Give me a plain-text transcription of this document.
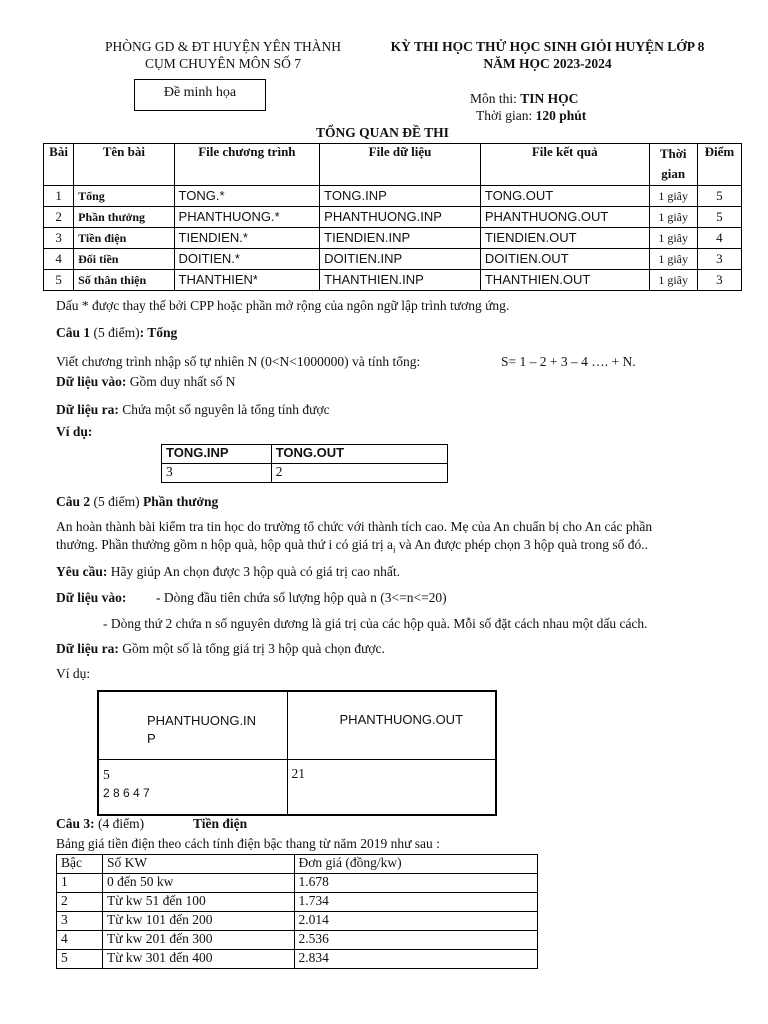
PHÒNG GD & ĐT HUYỆN YÊN THÀNH
CỤM CHUYÊN MÔN SỐ 7
KỲ THI HỌC THỬ HỌC SINH GIỎI HUYỆN LỚP 8
NĂM HỌC 2023-2024
Đề minh họa	Môn thi: TIN HỌC
Thời gian: 120 phút
TỔNG QUAN ĐỀ THI
Bài	Tên bài	File chương trình	File dữ liệu	File kết quả	Thời gian	Điểm
1	Tổng	TONG.*	TONG.INP	TONG.OUT	1 giây	5
2	Phần thưởng	PHANTHUONG.*	PHANTHUONG.INP	PHANTHUONG.OUT	1 giây	5
3	Tiền điện	TIENDIEN.*	TIENDIEN.INP	TIENDIEN.OUT	1 giây	4
4	Đổi tiền	DOITIEN.*	DOITIEN.INP	DOITIEN.OUT	1 giây	3
5	Số thân thiện	THANTHIEN*	THANTHIEN.INP	THANTHIEN.OUT	1 giây	3
Dấu * được thay thế bởi CPP hoặc phần mở rộng của ngôn ngữ lập trình tương ứng.
Câu 1 (5 điểm): Tổng
Viết chương trình nhập số tự nhiên N (0<N<1000000) và tính tổng:	S= 1 – 2 + 3 – 4 …. + N.
Dữ liệu vào: Gồm duy nhất số N
Dữ liệu ra: Chứa một số nguyên là tổng tính được
Ví dụ:
TONG.INP	TONG.OUT
3	2
Câu 2 (5 điểm) Phần thưởng
An hoàn thành bài kiểm tra tin học do trường tổ chức với thành tích cao. Mẹ của An chuẩn bị cho An các phần
thưởng. Phần thưởng gồm n hộp quà, hộp quà thứ i có giá trị $a_i$ và An được phép chọn 3 hộp quà trong số đó..
Yêu cầu: Hãy giúp An chọn được 3 hộp quà có giá trị cao nhất.
Dữ liệu vào: - Dòng đầu tiên chứa số lượng hộp quà n (3<=n<=20)
- Dòng thứ 2 chứa n số nguyên dương là giá trị của các hộp quà. Mỗi số đặt cách nhau một dấu cách.
Dữ liệu ra: Gồm một số là tổng giá trị 3 hộp quà chọn được.
Ví dụ:
PHANTHUONG.IN
P	PHANTHUONG.OUT

5
2 8 6 4 7	21
Câu 3: (4 điểm)	Tiền điện
Bảng giá tiền điện theo cách tính điện bậc thang từ năm 2019 như sau :
Bậc	Số KW	Đơn giá (đồng/kw)
1	0 đến 50 kw	1.678
2	Từ kw 51 đến 100	1.734
3	Từ kw 101 đến 200	2.014
4	Từ kw 201 đến 300	2.536
5	Từ kw 301 đến 400	2.834
